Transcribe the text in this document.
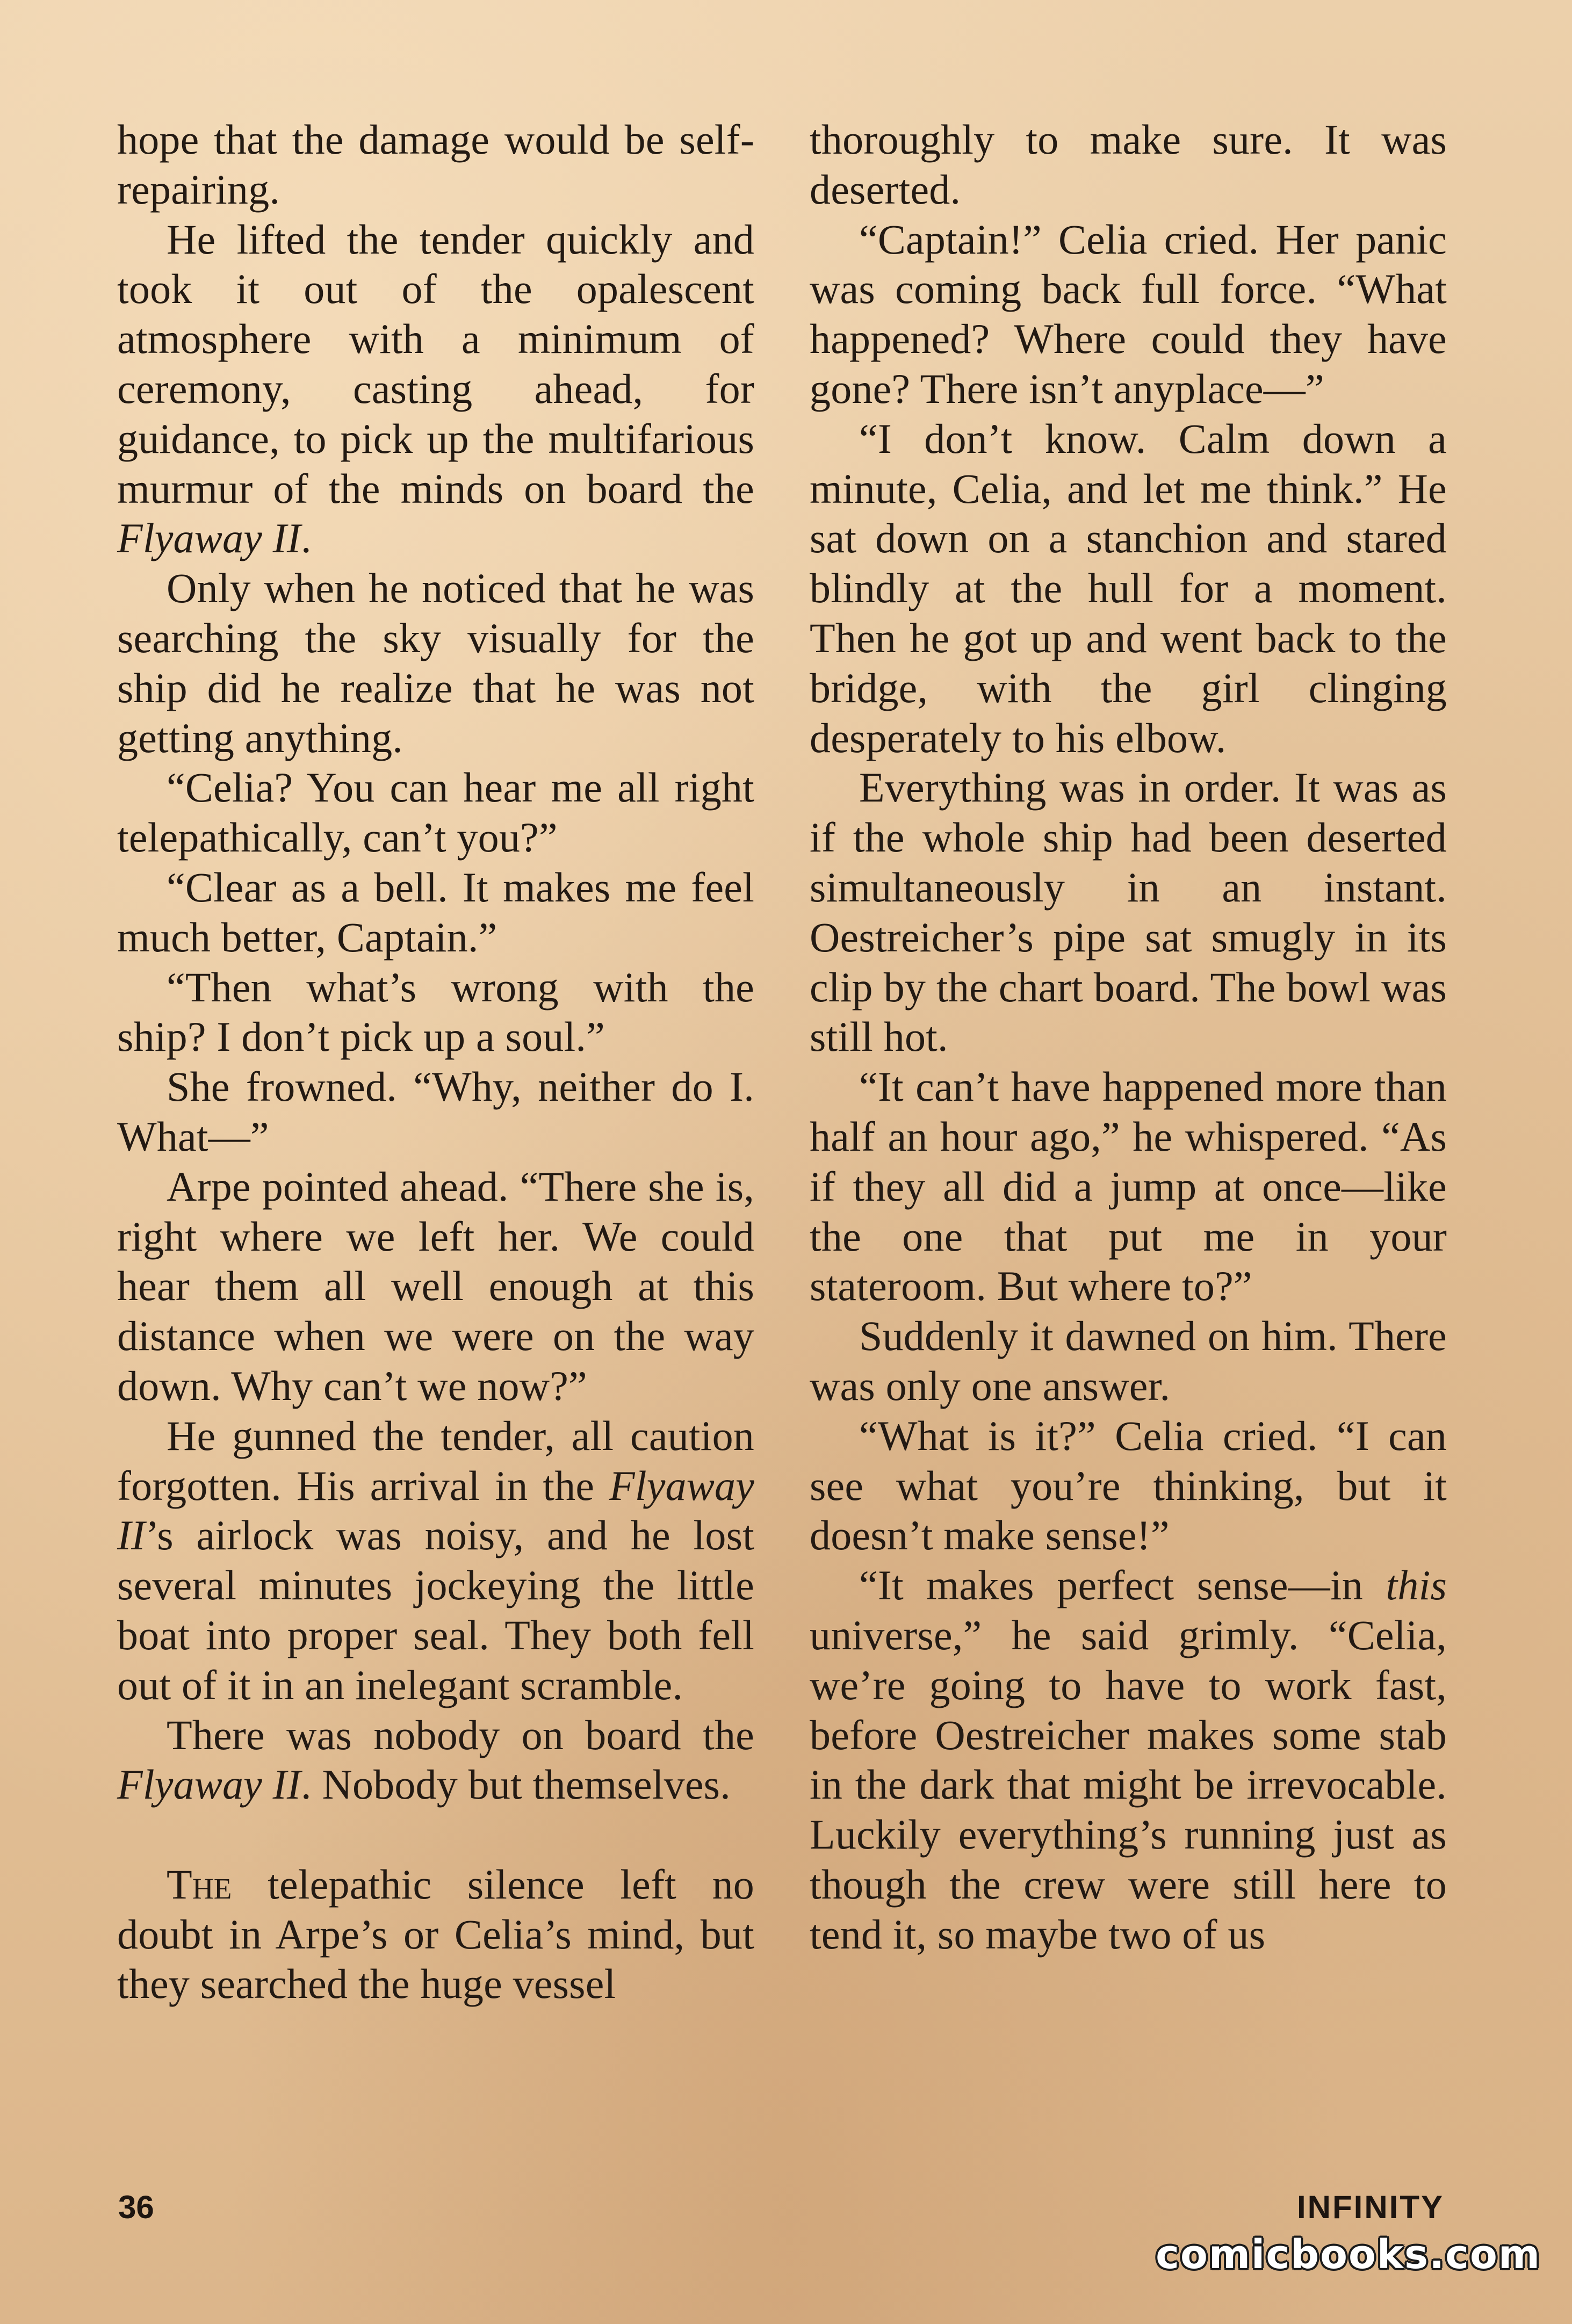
hope that the damage would be self-repairing.

He lifted the tender quickly and took it out of the opalescent atmosphere with a minimum of ceremony, casting ahead, for guidance, to pick up the multifarious murmur of the minds on board the Flyaway II.

Only when he noticed that he was searching the sky visually for the ship did he realize that he was not getting anything.

“Celia? You can hear me all right telepathically, can’t you?”

“Clear as a bell. It makes me feel much better, Captain.”

“Then what’s wrong with the ship? I don’t pick up a soul.”

She frowned. “Why, neither do I. What—”

Arpe pointed ahead. “There she is, right where we left her. We could hear them all well enough at this distance when we were on the way down. Why can’t we now?”

He gunned the tender, all caution forgotten. His arrival in the Flyaway II’s airlock was noisy, and he lost several minutes jockeying the little boat into proper seal. They both fell out of it in an inelegant scramble.

There was nobody on board the Flyaway II. Nobody but themselves.

The telepathic silence left no doubt in Arpe’s or Celia’s mind, but they searched the huge vessel

thoroughly to make sure. It was deserted.

“Captain!” Celia cried. Her panic was coming back full force. “What happened? Where could they have gone? There isn’t anyplace—”

“I don’t know. Calm down a minute, Celia, and let me think.” He sat down on a stanchion and stared blindly at the hull for a moment. Then he got up and went back to the bridge, with the girl clinging desperately to his elbow.

Everything was in order. It was as if the whole ship had been deserted simultaneously in an instant. Oestreicher’s pipe sat smugly in its clip by the chart board. The bowl was still hot.

“It can’t have happened more than half an hour ago,” he whispered. “As if they all did a jump at once—like the one that put me in your stateroom. But where to?”

Suddenly it dawned on him. There was only one answer.

“What is it?” Celia cried. “I can see what you’re thinking, but it doesn’t make sense!”

“It makes perfect sense—in this universe,” he said grimly. “Celia, we’re going to have to work fast, before Oestreicher makes some stab in the dark that might be irrevocable. Luckily everything’s running just as though the crew were still here to tend it, so maybe two of us

36	INFINITY
comicbooks.com
